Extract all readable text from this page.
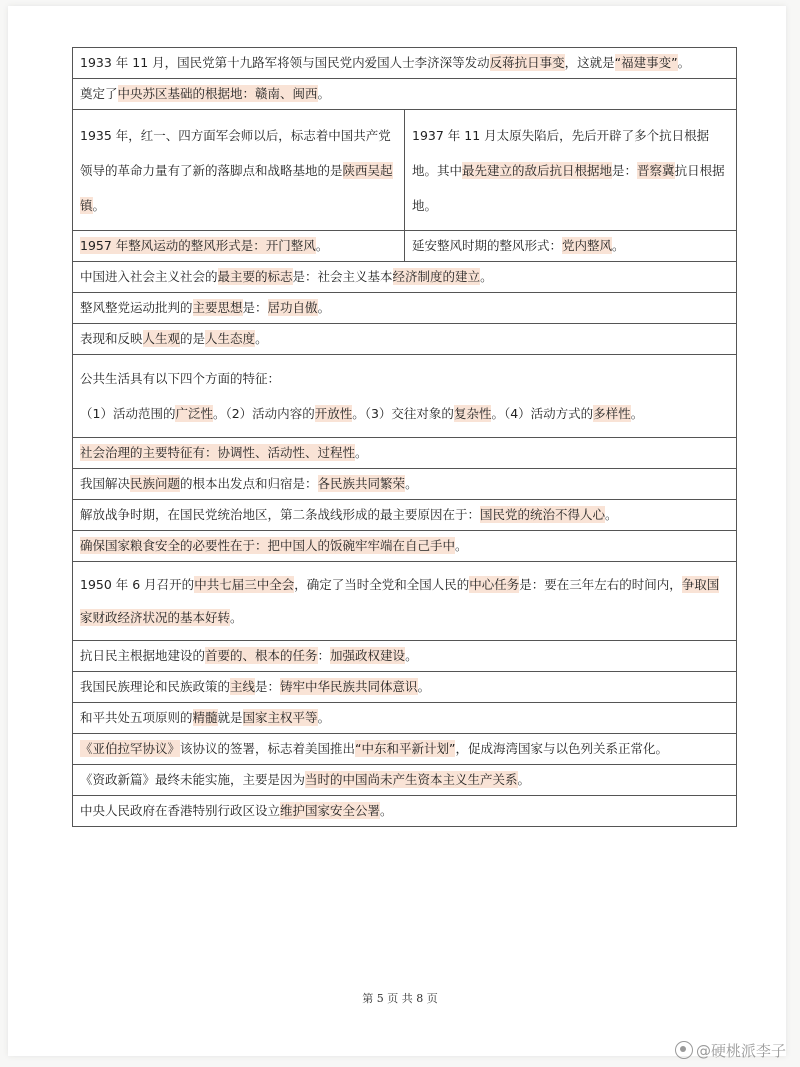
1933 年 11 月，国民党第十九路军将领与国民党内爱国人士李济深等发动反蒋抗日事变，这就是“福建事变”。	
奠定了中央苏区基础的根据地：赣南、闽西。	
1935 年，红一、四方面军会师以后，标志着中国共产党领导的革命力量有了新的落脚点和战略基地的是陕西吴起镇。	1937 年 11 月太原失陷后，先后开辟了多个抗日根据地。其中最先建立的敌后抗日根据地是：晋察冀抗日根据地。
1957 年整风运动的整风形式是：开门整风。	延安整风时期的整风形式：党内整风。
中国进入社会主义社会的最主要的标志是：社会主义基本经济制度的建立。	
整风整党运动批判的主要思想是：居功自傲。	
表现和反映人生观的是人生态度。	
公共生活具有以下四个方面的特征：
（1）活动范围的广泛性。（2）活动内容的开放性。（3）交往对象的复杂性。（4）活动方式的多样性。	
社会治理的主要特征有：协调性、活动性、过程性。	
我国解决民族问题的根本出发点和归宿是：各民族共同繁荣。	
解放战争时期，在国民党统治地区，第二条战线形成的最主要原因在于：国民党的统治不得人心。	
确保国家粮食安全的必要性在于：把中国人的饭碗牢牢端在自己手中。	
1950 年 6 月召开的中共七届三中全会，确定了当时全党和全国人民的中心任务是：要在三年左右的时间内，争取国家财政经济状况的基本好转。	
抗日民主根据地建设的首要的、根本的任务：加强政权建设。	
我国民族理论和民族政策的主线是：铸牢中华民族共同体意识。	
和平共处五项原则的精髓就是国家主权平等。	
《亚伯拉罕协议》该协议的签署，标志着美国推出“中东和平新计划”，促成海湾国家与以色列关系正常化。	
《资政新篇》最终未能实施，主要是因为当时的中国尚未产生资本主义生产关系。	
中央人民政府在香港特别行政区设立维护国家安全公署。	
第 5 页 共 8 页
@硬桃派李子
